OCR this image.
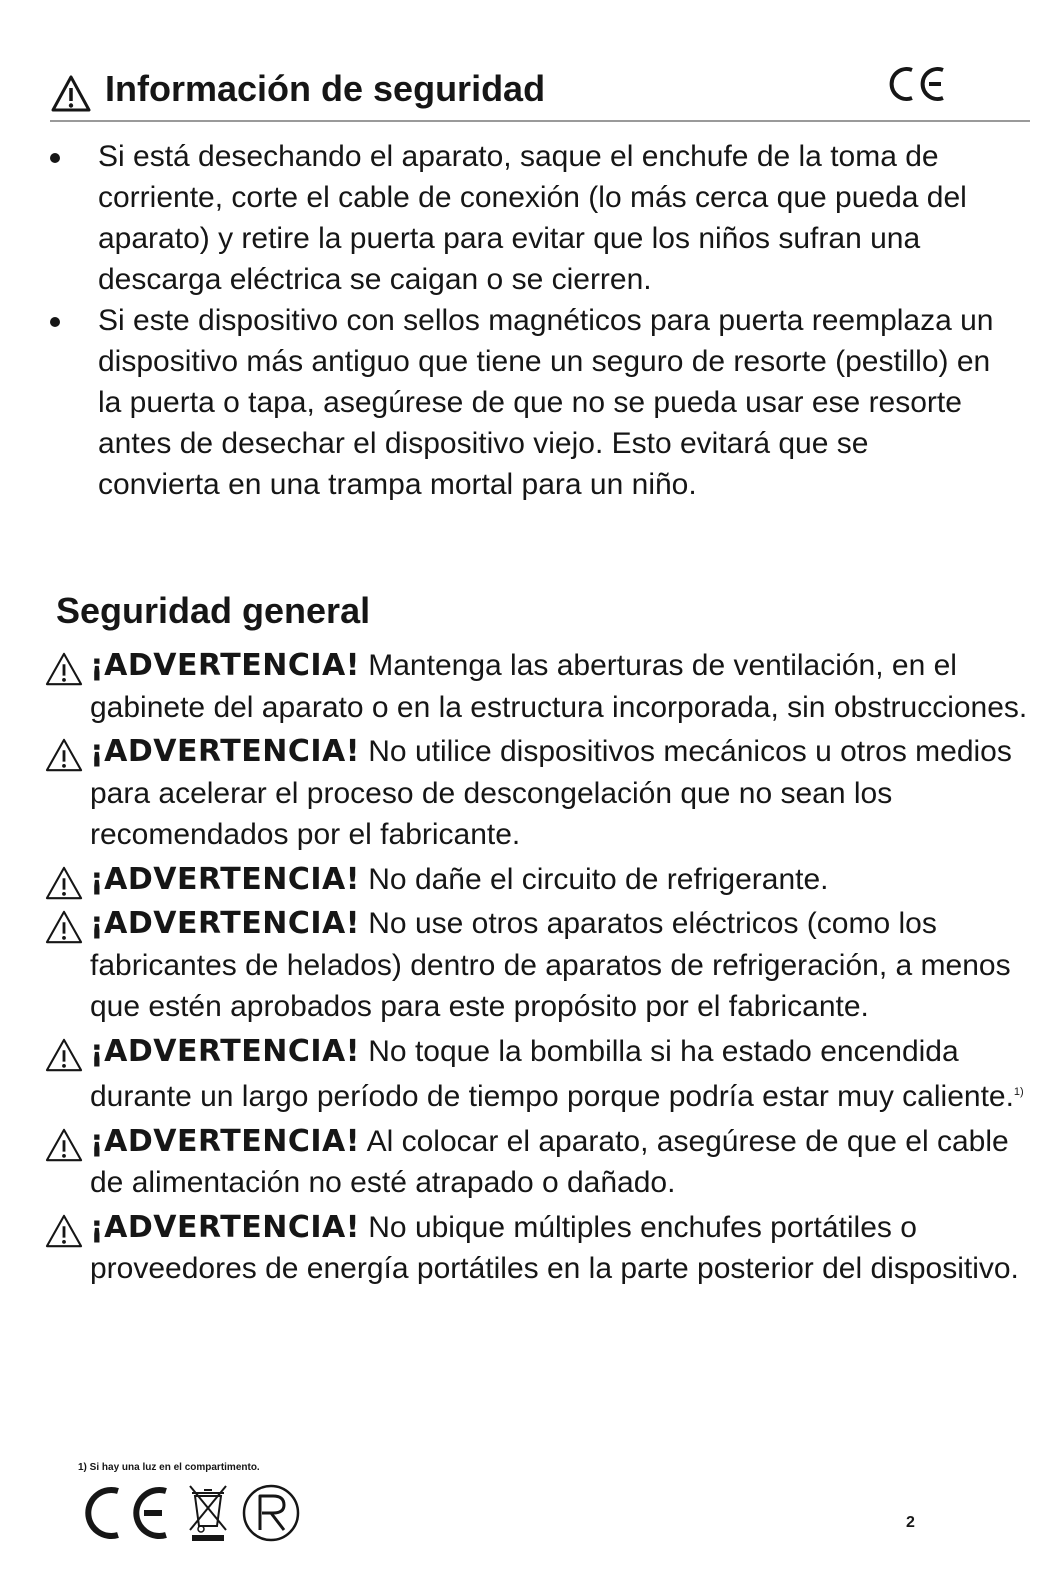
Información de seguridad
Si está desechando el aparato, saque el enchufe de la toma de corriente, corte el cable de conexión (lo más cerca que pueda del aparato) y retire la puerta para evitar que los niños sufran una descarga eléctrica se caigan o se cierren.
Si este dispositivo con sellos magnéticos para puerta reemplaza un dispositivo más antiguo que tiene un seguro de resorte (pestillo) en la puerta o tapa, asegúrese de que no se pueda usar ese resorte antes de desechar el dispositivo viejo. Esto evitará que se convierta en una trampa mortal para un niño.
Seguridad general
¡ADVERTENCIA! Mantenga las aberturas de ventilación, en el gabinete del aparato o en la estructura incorporada, sin obstrucciones.
¡ADVERTENCIA! No utilice dispositivos mecánicos u otros medios para acelerar el proceso de descongelación que no sean los recomendados por el fabricante.
¡ADVERTENCIA! No dañe el circuito de refrigerante.
¡ADVERTENCIA! No use otros aparatos eléctricos (como los fabricantes de helados) dentro de aparatos de refrigeración, a menos que estén aprobados para este propósito por el fabricante.
¡ADVERTENCIA! No toque la bombilla si ha estado encendida durante un largo período de tiempo porque podría estar muy caliente.$^{1)}$
¡ADVERTENCIA! Al colocar el aparato, asegúrese de que el cable de alimentación no esté atrapado o dañado.
¡ADVERTENCIA! No ubique múltiples enchufes portátiles o proveedores de energía portátiles en la parte posterior del dispositivo.
1) Si hay una luz en el compartimento.
2
